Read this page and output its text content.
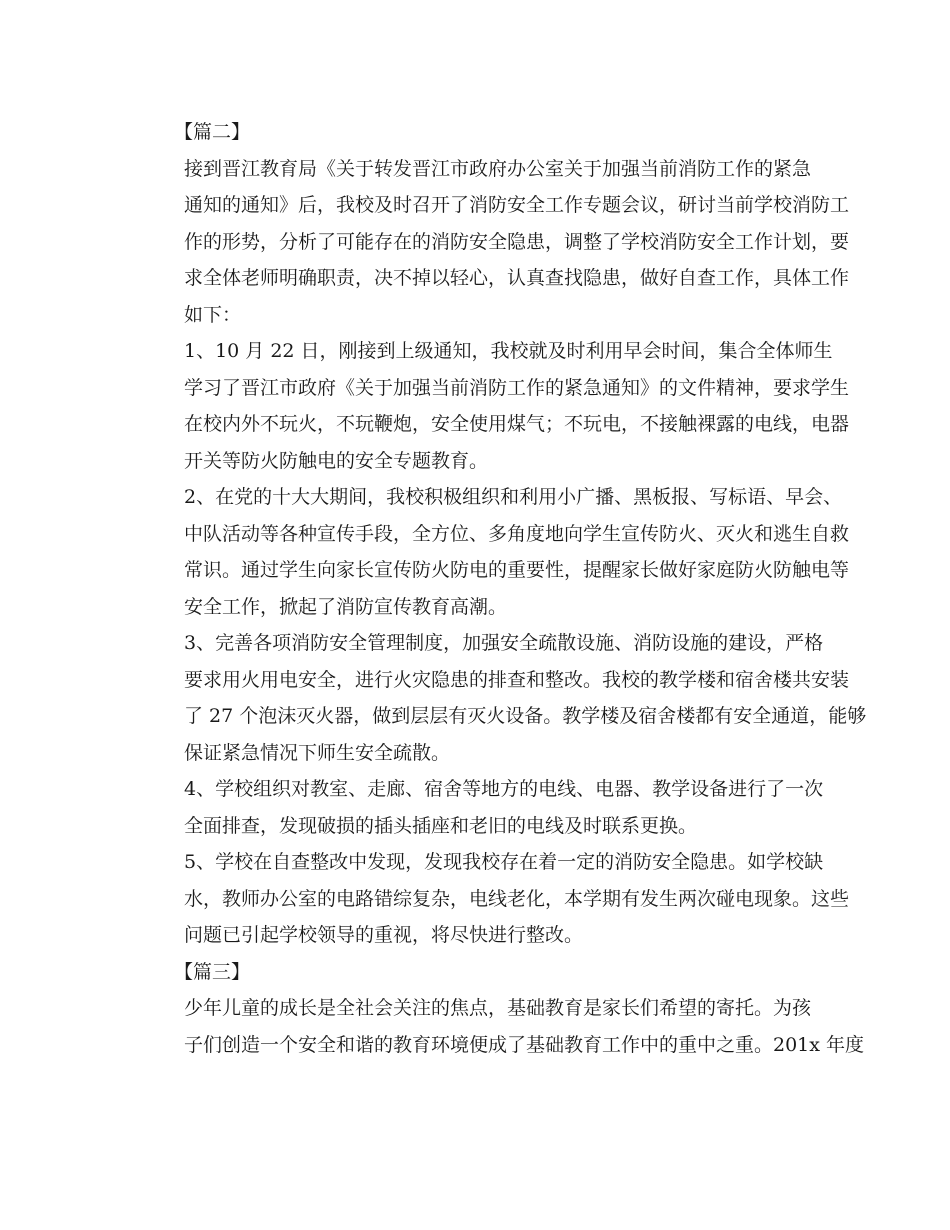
【篇二】
接到晋江教育局《关于转发晋江市政府办公室关于加强当前消防工作的紧急
通知的通知》后，我校及时召开了消防安全工作专题会议，研讨当前学校消防工
作的形势，分析了可能存在的消防安全隐患，调整了学校消防安全工作计划，要
求全体老师明确职责，决不掉以轻心，认真查找隐患，做好自查工作，具体工作
如下：
1、10 月 22 日，刚接到上级通知，我校就及时利用早会时间，集合全体师生
学习了晋江市政府《关于加强当前消防工作的紧急通知》的文件精神，要求学生
在校内外不玩火，不玩鞭炮，安全使用煤气；不玩电，不接触裸露的电线，电器
开关等防火防触电的安全专题教育。
2、在党的十大大期间，我校积极组织和利用小广播、黑板报、写标语、早会、
中队活动等各种宣传手段，全方位、多角度地向学生宣传防火、灭火和逃生自救
常识。通过学生向家长宣传防火防电的重要性，提醒家长做好家庭防火防触电等
安全工作，掀起了消防宣传教育高潮。
3、完善各项消防安全管理制度，加强安全疏散设施、消防设施的建设，严格
要求用火用电安全，进行火灾隐患的排查和整改。我校的教学楼和宿舍楼共安装
了 27 个泡沫灭火器，做到层层有灭火设备。教学楼及宿舍楼都有安全通道，能够
保证紧急情况下师生安全疏散。
4、学校组织对教室、走廊、宿舍等地方的电线、电器、教学设备进行了一次
全面排查，发现破损的插头插座和老旧的电线及时联系更换。
5、学校在自查整改中发现，发现我校存在着一定的消防安全隐患。如学校缺
水，教师办公室的电路错综复杂，电线老化，本学期有发生两次碰电现象。这些
问题已引起学校领导的重视，将尽快进行整改。
【篇三】
少年儿童的成长是全社会关注的焦点，基础教育是家长们希望的寄托。为孩
子们创造一个安全和谐的教育环境便成了基础教育工作中的重中之重。201x 年度
